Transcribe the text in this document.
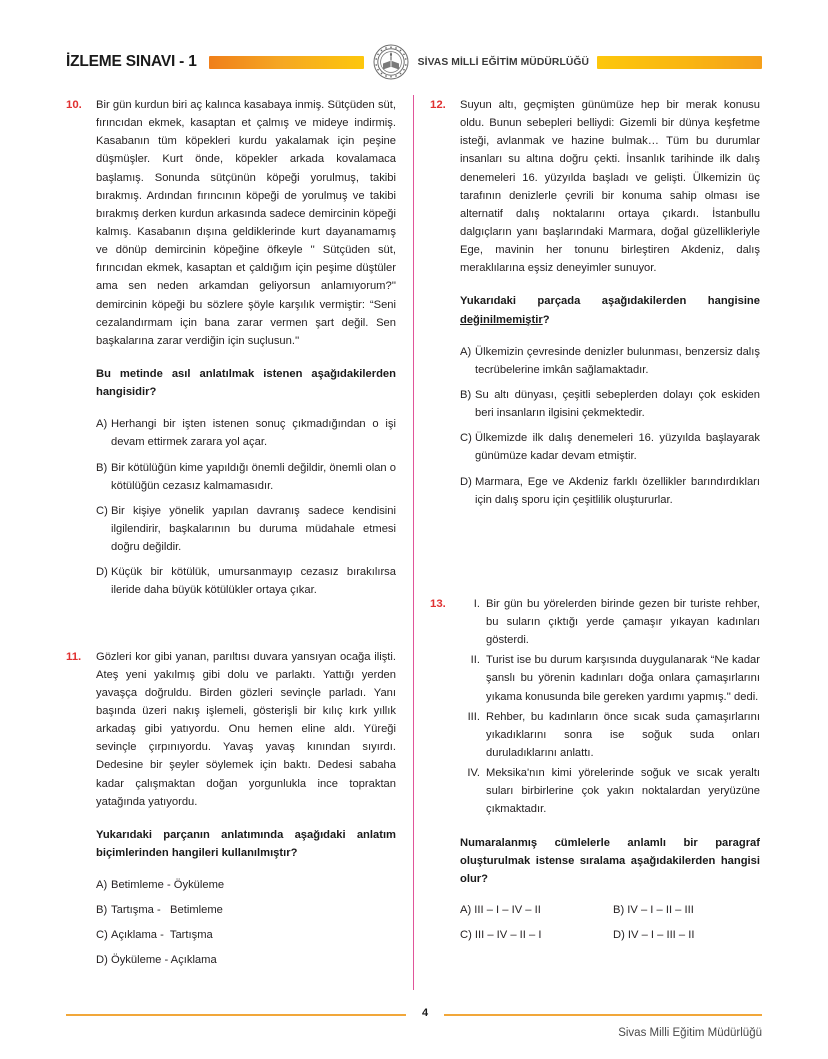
İZLEME SINAVI - 1	SİVAS MİLLİ EĞİTİM MÜDÜRLÜĞÜ
10.	Bir gün kurdun biri aç kalınca kasabaya inmiş. Sütçüden süt, fırıncıdan ekmek, kasaptan et çalmış ve mideye indirmiş. Kasabanın tüm köpekleri kurdu yakalamak için peşine düşmüşler. Kurt önde, köpekler arkada kovalamaca başlamış. Sonunda sütçünün köpeği yorulmuş, takibi bırakmış. Ardından fırıncının köpeği de yorulmuş ve takibi bırakmış derken kurdun arkasında sadece demircinin köpeği kalmış. Kasabanın dışına geldiklerinde kurt dayanamamış ve dönüp demircinin köpeğine öfkeyle '' Sütçüden süt, fırıncıdan ekmek, kasaptan et çaldığım için peşime düştüler ama sen neden arkamdan geliyorsun anlamıyorum?'' demircinin köpeği bu sözlere şöyle karşılık vermiştir: “Seni cezalandırmam için bana zarar vermen şart değil. Sen başkalarına zarar verdiğin için suçlusun.''

Bu metinde asıl anlatılmak istenen aşağıdakilerden hangisidir?

A) Herhangi bir işten istenen sonuç çıkmadığından o işi devam ettirmek zarara yol açar.
B) Bir kötülüğün kime yapıldığı önemli değildir, önemli olan o kötülüğün cezasız kalmamasıdır.
C) Bir kişiye yönelik yapılan davranış sadece kendisini ilgilendirir, başkalarının bu duruma müdahale etmesi doğru değildir.
D) Küçük bir kötülük, umursanmayıp cezasız bırakılırsa ileride daha büyük kötülükler ortaya çıkar.
11.	Gözleri kor gibi yanan, parıltısı duvara yansıyan ocağa ilişti. Ateş yeni yakılmış gibi dolu ve parlaktı. Yattığı yerden yavaşça doğruldu. Birden gözleri sevinçle parladı. Yanı başında üzeri nakış işlemeli, gösterişli bir kılıç kırk yıllık arkadaş gibi yatıyordu. Onu hemen eline aldı. Yüreği sevinçle çırpınıyordu. Yavaş yavaş kınından sıyırdı. Dedesine bir şeyler söylemek için baktı. Dedesi sabaha kadar çalışmaktan doğan yorgunlukla ince topraktan yatağında yatıyordu.

Yukarıdaki parçanın anlatımında aşağıdaki anlatım biçimlerinden hangileri kullanılmıştır?

A) Betimleme - Öyküleme
B) Tartışma -   Betimleme
C) Açıklama -  Tartışma
D) Öyküleme - Açıklama
12.	Suyun altı, geçmişten günümüze hep bir merak konusu oldu. Bunun sebepleri belliydi: Gizemli bir dünya keşfetme isteği, avlanmak ve hazine bulmak… Tüm bu durumlar insanları su altına doğru çekti. İnsanlık tarihinde ilk dalış denemeleri 16. yüzyılda başladı ve gelişti. Ülkemizin üç tarafının denizlerle çevrili bir konuma sahip olması ise alternatif dalış noktalarını ortaya çıkardı. İstanbullu dalgıçların yanı başlarındaki Marmara, doğal güzellikleriyle Ege, mavinin her tonunu birleştiren Akdeniz, dalış meraklılarına eşsiz deneyimler sunuyor.

Yukarıdaki parçada aşağıdakilerden hangisine değinilmemiştir?

A) Ülkemizin çevresinde denizler bulunması, benzersiz dalış tecrübelerine imkân sağlamaktadır.
B) Su altı dünyası, çeşitli sebeplerden dolayı çok eskiden beri insanların ilgisini çekmektedir.
C) Ülkemizde ilk dalış denemeleri 16. yüzyılda başlayarak günümüze kadar devam etmiştir.
D) Marmara, Ege ve Akdeniz farklı özellikler barındırdıkları için dalış sporu için çeşitlilik oluştururlar.
13.	I. Bir gün bu yörelerden birinde gezen bir turiste rehber, bu suların çıktığı yerde çamaşır yıkayan kadınları gösterdi.
II. Turist ise bu durum karşısında duygulanarak “Ne kadar şanslı bu yörenin kadınları doğa onlara çamaşırlarını yıkama konusunda bile gereken yardımı yapmış.'' dedi.
III. Rehber, bu kadınların önce sıcak suda çamaşırlarını yıkadıklarını sonra ise soğuk suda onları duruladıklarını anlattı.
IV. Meksika'nın kimi yörelerinde soğuk ve sıcak yeraltı suları birbirlerine çok yakın noktalardan yeryüzüne çıkmaktadır.

Numaralanmış cümlelerle anlamlı bir paragraf oluşturulmak istense sıralama aşağıdakilerden hangisi olur?

A) III – I – IV – II	B) IV – I – II – III
C) III – IV – II – I	D) IV – I – III – II
4
Sivas Milli Eğitim Müdürlüğü
